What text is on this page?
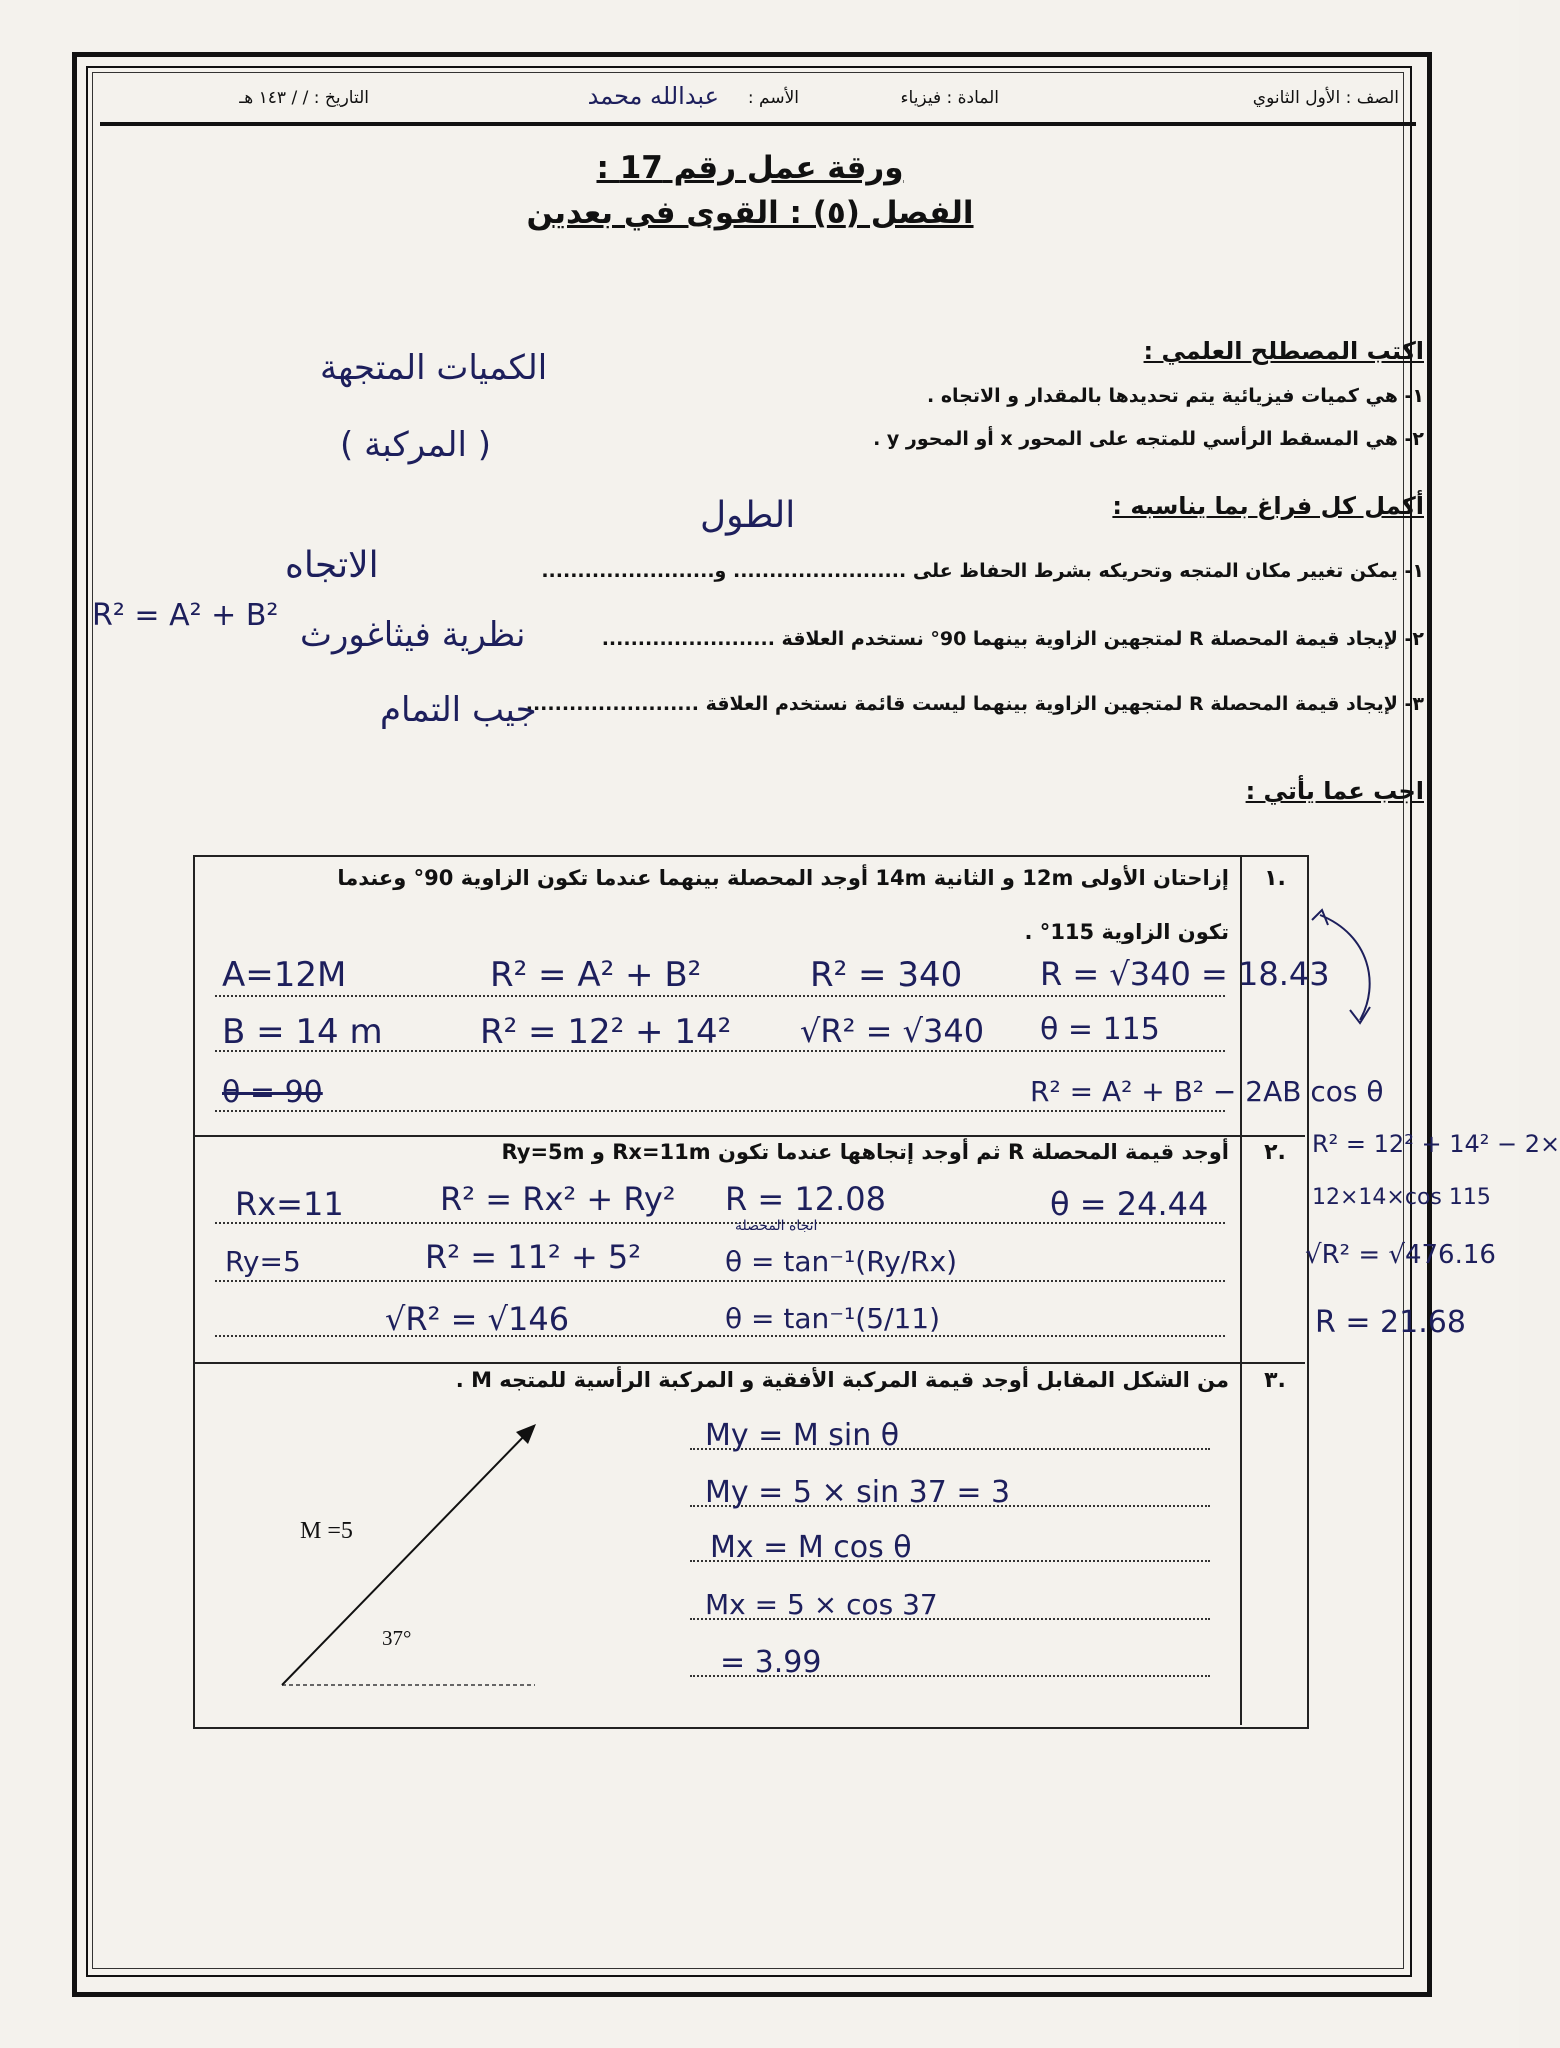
الصف : الأول الثانوي
المادة : فيزياء
الأسم :
عبدالله محمد
التاريخ : / / ١٤٣ هـ
ورقة عمل رقم 17 :
الفصل (٥) : القوى في بعدين
اكتب المصطلح العلمي :
١- هي كميات فيزيائية يتم تحديدها بالمقدار و الاتجاه .
٢- هي المسقط الرأسي للمتجه على المحور x أو المحور y .
الكميات المتجهة
( المركبة )
أكمل كل فراغ بما يناسبه :
١- يمكن تغيير مكان المتجه وتحريكه بشرط الحفاظ على ........................ و........................
٢- لإيجاد قيمة المحصلة R لمتجهين الزاوية بينهما 90° نستخدم العلاقة ........................
٣- لإيجاد قيمة المحصلة R لمتجهين الزاوية بينهما ليست قائمة نستخدم العلاقة ........................
الطول
الاتجاه
نظرية فيثاغورث
R² = A² + B²
جيب التمام
اجب عما يأتي :
١.
إزاحتان الأولى 12m و الثانية 14m أوجد المحصلة بينهما عندما تكون الزاوية 90° وعندما
تكون الزاوية 115° .
A=12M	R² = A² + B²	R² = 340 R = √340 = 18.43
B = 14 m	R² = 12² + 14² √R² = √340 θ = 115
θ = 90	R² = A² + B² − 2AB cos θ
R² = 12² + 14² − 2×
12×14×cos 115
√R² = √476.16
R = 21.68
٢.
أوجد قيمة المحصلة R ثم أوجد إتجاهها عندما تكون Rx=11m و Ry=5m
Rx=11	R² = Rx² + Ry² R = 12.08	θ = 24.44
اتجاه المحصلة
Ry=5	R² = 11² + 5²	θ = tan⁻¹(Ry/Rx)
√R² = √146	θ = tan⁻¹(5/11)
٣.
من الشكل المقابل أوجد قيمة المركبة الأفقية و المركبة الرأسية للمتجه M .
M =5
37°
My = M sin θ
My = 5 × sin 37 = 3
Mx = M cos θ
Mx = 5 × cos 37
= 3.99
